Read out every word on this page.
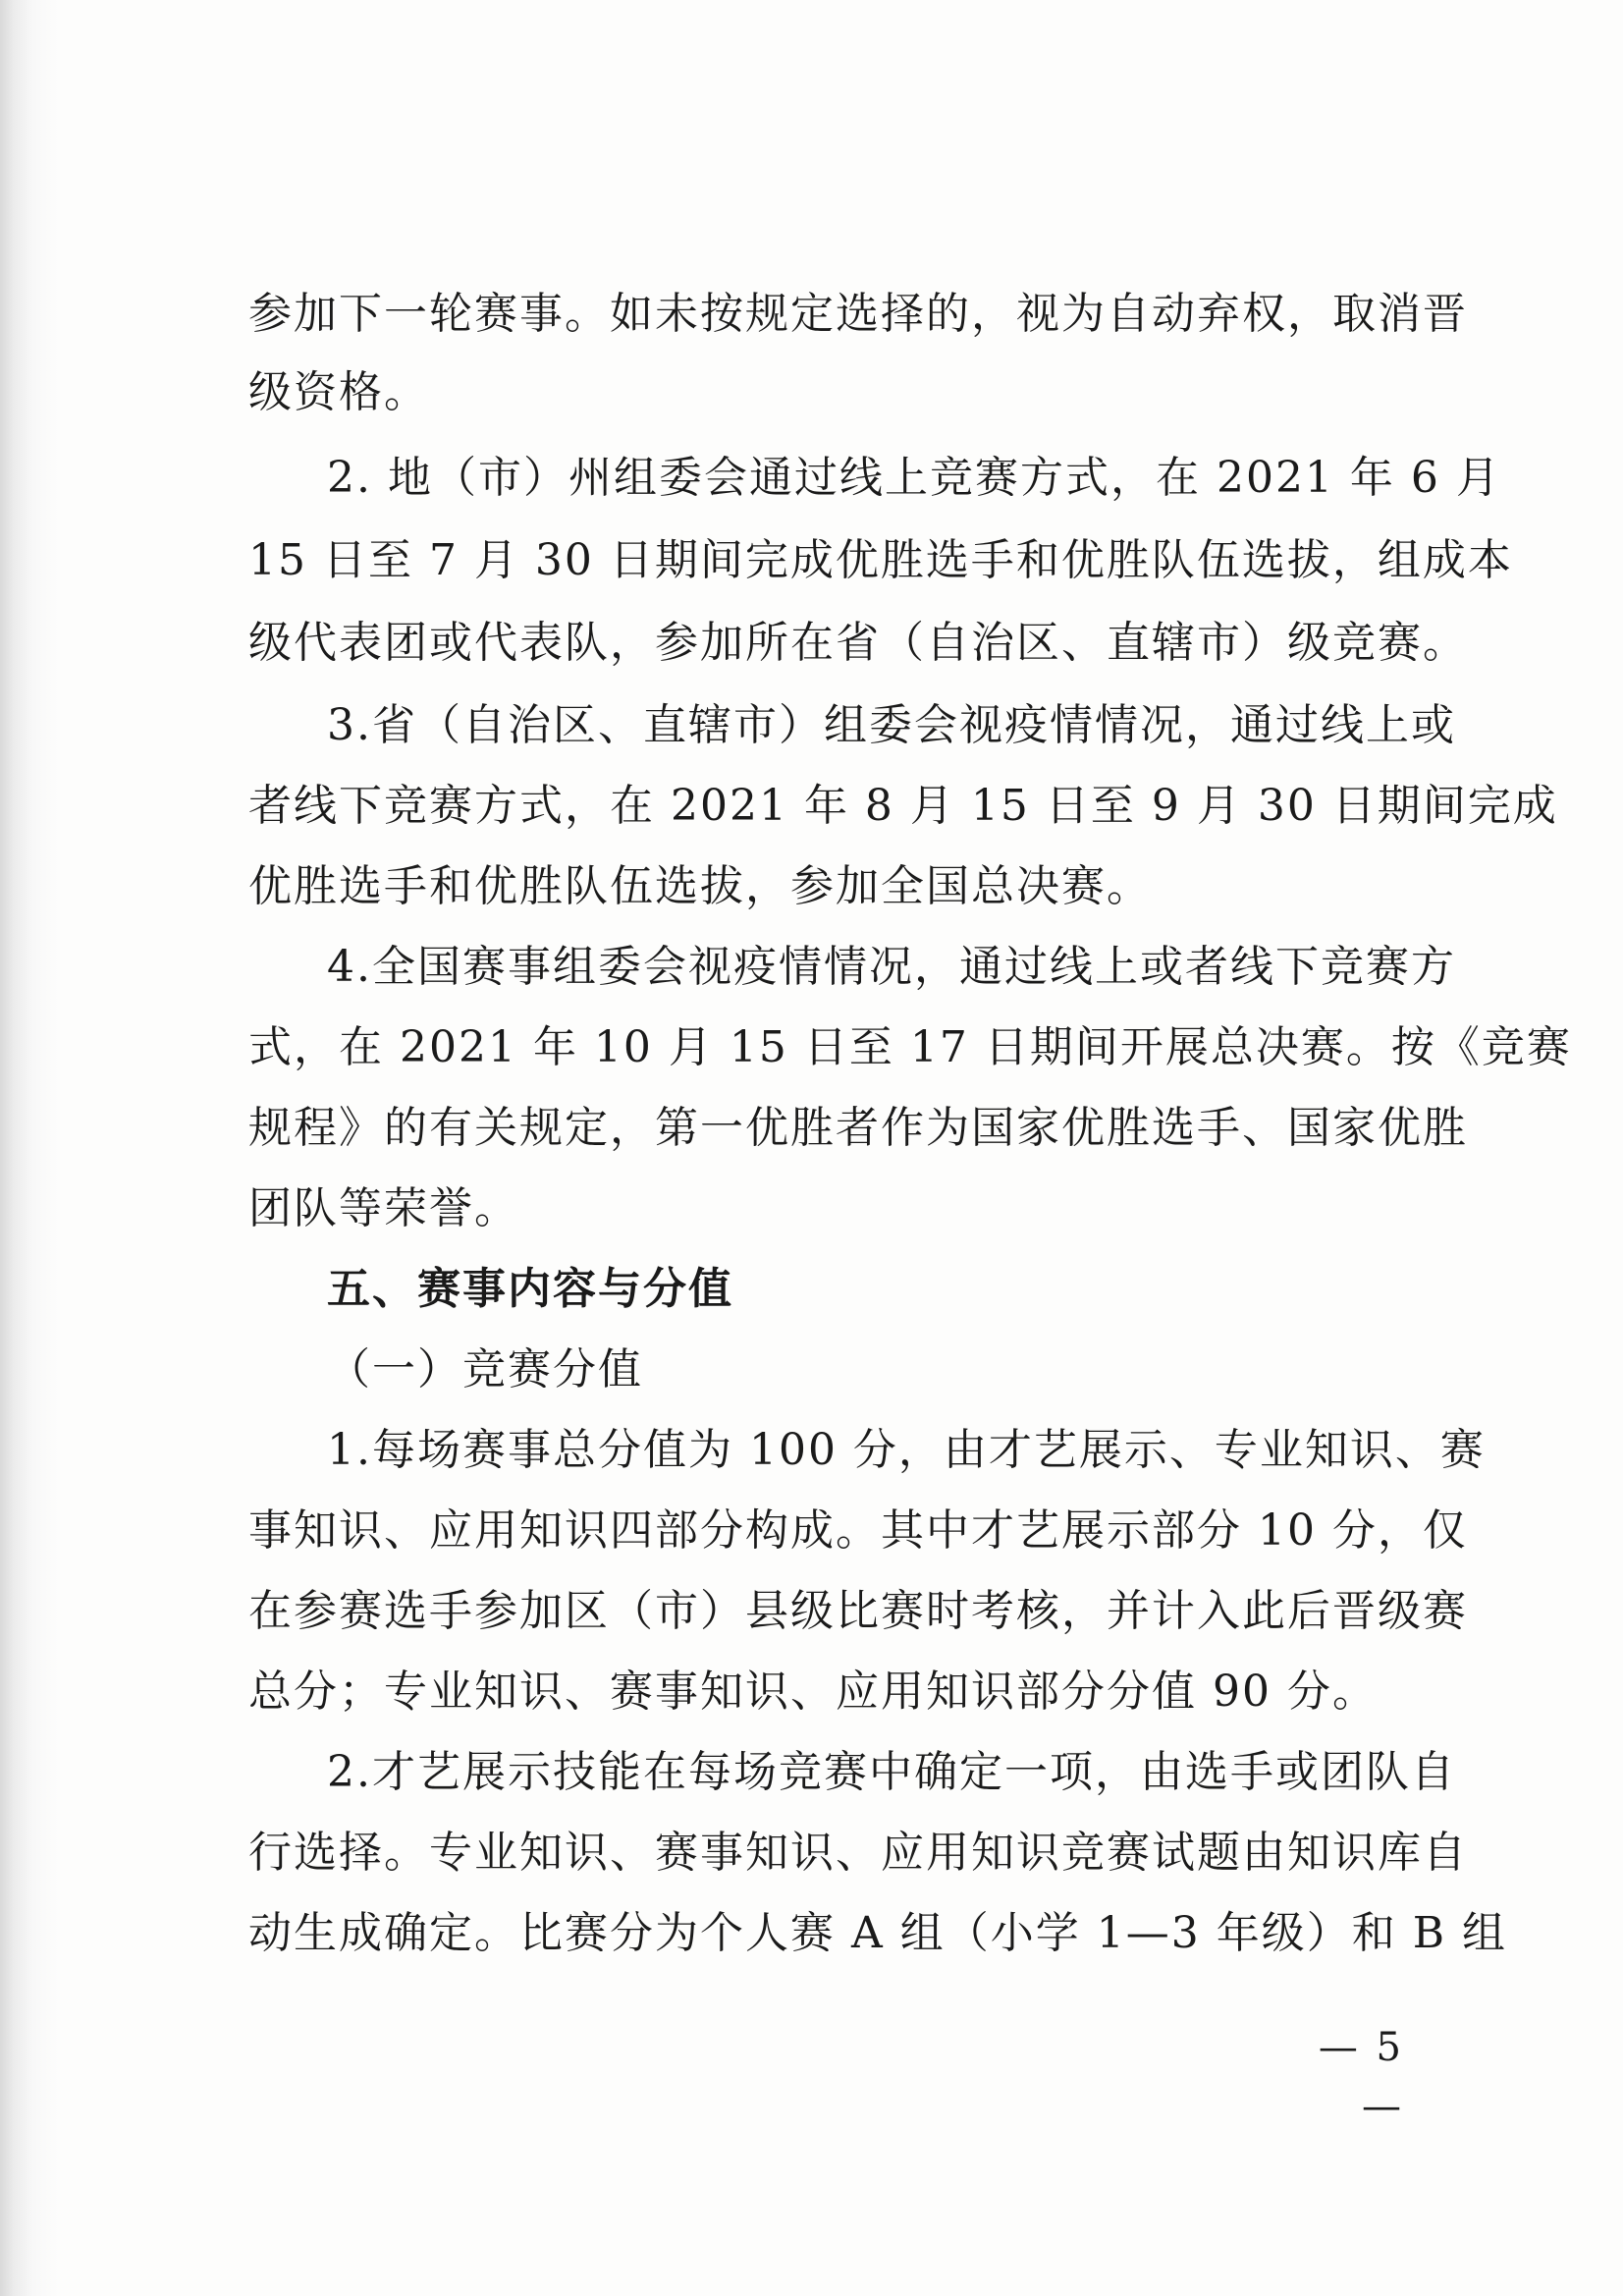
参加下一轮赛事。如未按规定选择的，视为自动弃权，取消晋
级资格。
2. 地（市）州组委会通过线上竞赛方式，在 2021 年 6 月
15 日至 7 月 30 日期间完成优胜选手和优胜队伍选拔，组成本
级代表团或代表队，参加所在省（自治区、直辖市）级竞赛。
3.省（自治区、直辖市）组委会视疫情情况，通过线上或
者线下竞赛方式，在 2021 年 8 月 15 日至 9 月 30 日期间完成
优胜选手和优胜队伍选拔，参加全国总决赛。
4.全国赛事组委会视疫情情况，通过线上或者线下竞赛方
式，在 2021 年 10 月 15 日至 17 日期间开展总决赛。按《竞赛
规程》的有关规定，第一优胜者作为国家优胜选手、国家优胜
团队等荣誉。
五、赛事内容与分值
（一）竞赛分值
1.每场赛事总分值为 100 分，由才艺展示、专业知识、赛
事知识、应用知识四部分构成。其中才艺展示部分 10 分，仅
在参赛选手参加区（市）县级比赛时考核，并计入此后晋级赛
总分；专业知识、赛事知识、应用知识部分分值 90 分。
2.才艺展示技能在每场竞赛中确定一项，由选手或团队自
行选择。专业知识、赛事知识、应用知识竞赛试题由知识库自
动生成确定。比赛分为个人赛 A 组（小学 1—3 年级）和 B 组
— 5 —
